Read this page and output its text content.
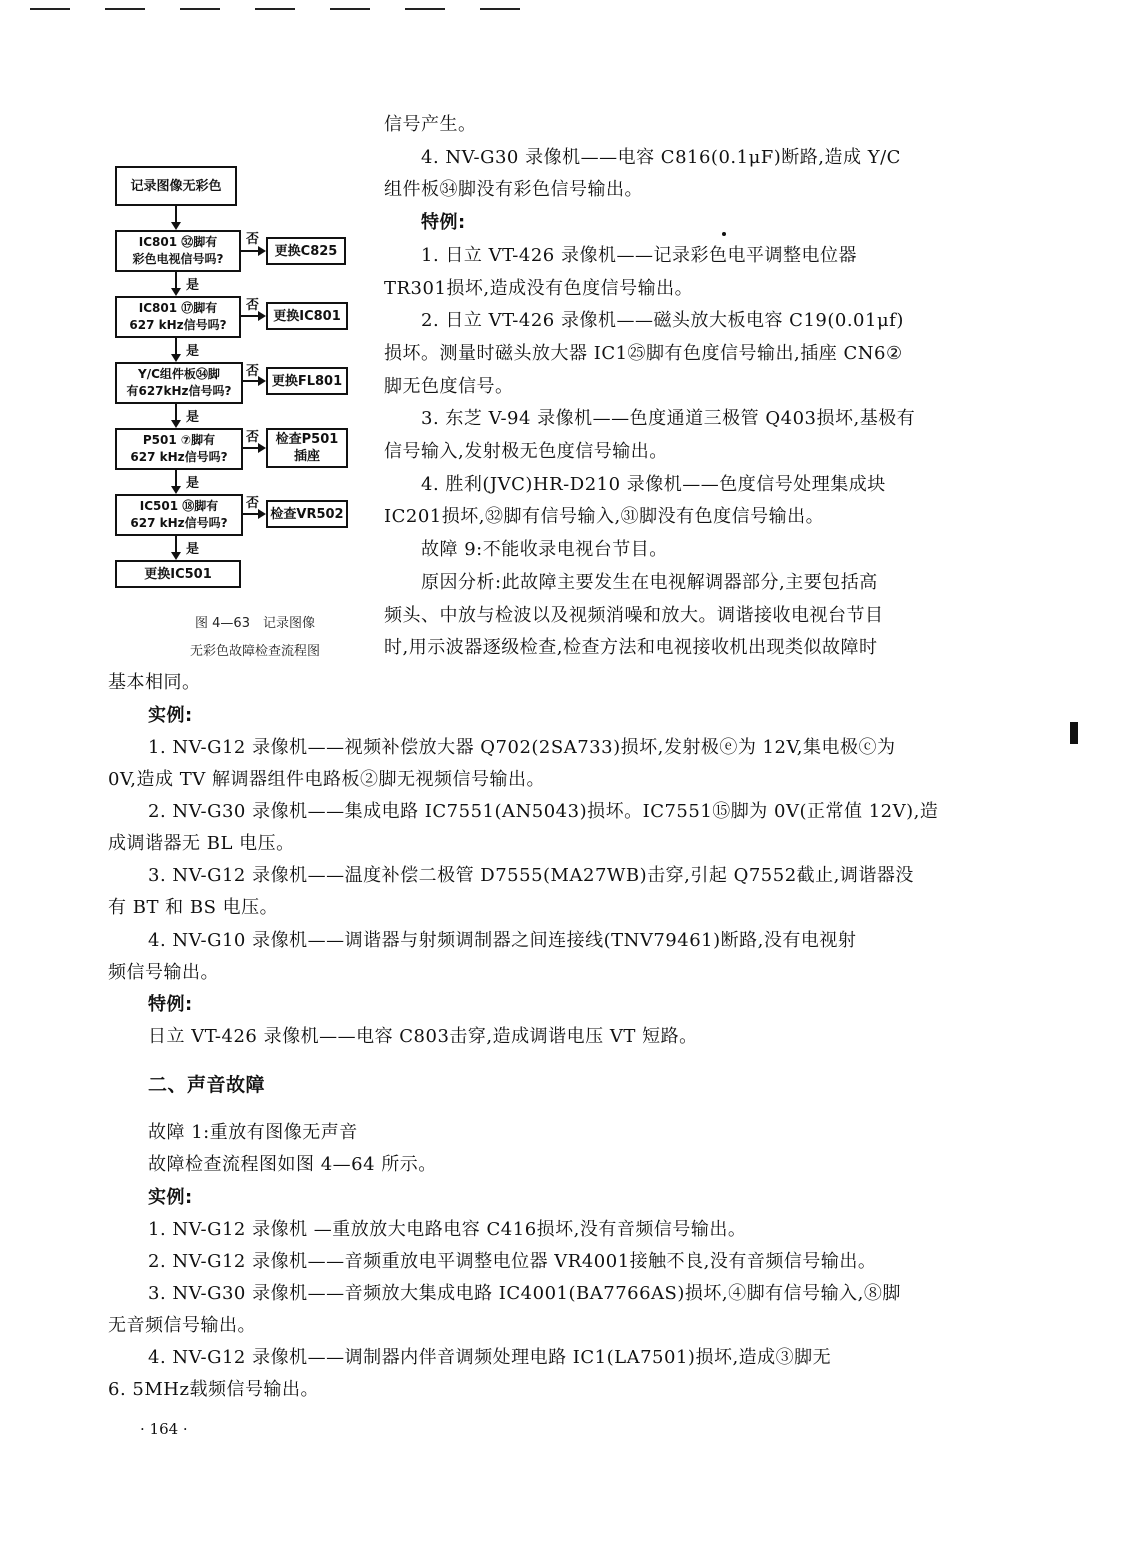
记录图像无彩色
IC801 ㉜脚有
彩色电视信号吗?
否
更换C825
是
IC801 ⑰脚有
627 kHz信号吗?
否
更换IC801
是
Y/C组件板㉞脚
有627kHz信号吗?
否
更换FL801
是
P501 ⑦脚有
627 kHz信号吗?
否	检查P501
插座
是
IC501 ⑱脚有
627 kHz信号吗?
否
检查VR502
是
更换IC501
图 4—63　记录图像
无彩色故障检查流程图
信号产生。
　　4. NV-G30 录像机——电容 C816(0.1μF)断路,造成 Y/C
组件板㉞脚没有彩色信号输出。
　　特例:
　　1. 日立 VT-426 录像机——记录彩色电平调整电位器
TR301损坏,造成没有色度信号输出。
　　2. 日立 VT-426 录像机——磁头放大板电容 C19(0.01μf)
损坏。测量时磁头放大器 IC1㉕脚有色度信号输出,插座 CN6②
脚无色度信号。
　　3. 东芝 V-94 录像机——色度通道三极管 Q403损坏,基极有
信号输入,发射极无色度信号输出。
　　4. 胜利(JVC)HR-D210 录像机——色度信号处理集成块
IC201损坏,㉜脚有信号输入,㉛脚没有色度信号输出。
　　故障 9:不能收录电视台节目。
　　原因分析:此故障主要发生在电视解调器部分,主要包括高
频头、中放与检波以及视频消噪和放大。调谐接收电视台节目
时,用示波器逐级检查,检查方法和电视接收机出现类似故障时
基本相同。
实例:
1. NV-G12 录像机——视频补偿放大器 Q702(2SA733)损坏,发射极ⓔ为 12V,集电极ⓒ为
0V,造成 TV 解调器组件电路板②脚无视频信号输出。
2. NV-G30 录像机——集成电路 IC7551(AN5043)损坏。IC7551⑮脚为 0V(正常值 12V),造
成调谐器无 BL 电压。
3. NV-G12 录像机——温度补偿二极管 D7555(MA27WB)击穿,引起 Q7552截止,调谐器没
有 BT 和 BS 电压。
4. NV-G10 录像机——调谐器与射频调制器之间连接线(TNV79461)断路,没有电视射
频信号输出。
特例:
日立 VT-426 录像机——电容 C803击穿,造成调谐电压 VT 短路。
二、声音故障
故障 1:重放有图像无声音
故障检查流程图如图 4—64 所示。
实例:
1. NV-G12 录像机 —重放放大电路电容 C416损坏,没有音频信号输出。
2. NV-G12 录像机——音频重放电平调整电位器 VR4001接触不良,没有音频信号输出。
3. NV-G30 录像机——音频放大集成电路 IC4001(BA7766AS)损坏,④脚有信号输入,⑧脚
无音频信号输出。
4. NV-G12 录像机——调制器内伴音调频处理电路 IC1(LA7501)损坏,造成③脚无
6. 5MHz载频信号输出。
· 164 ·
